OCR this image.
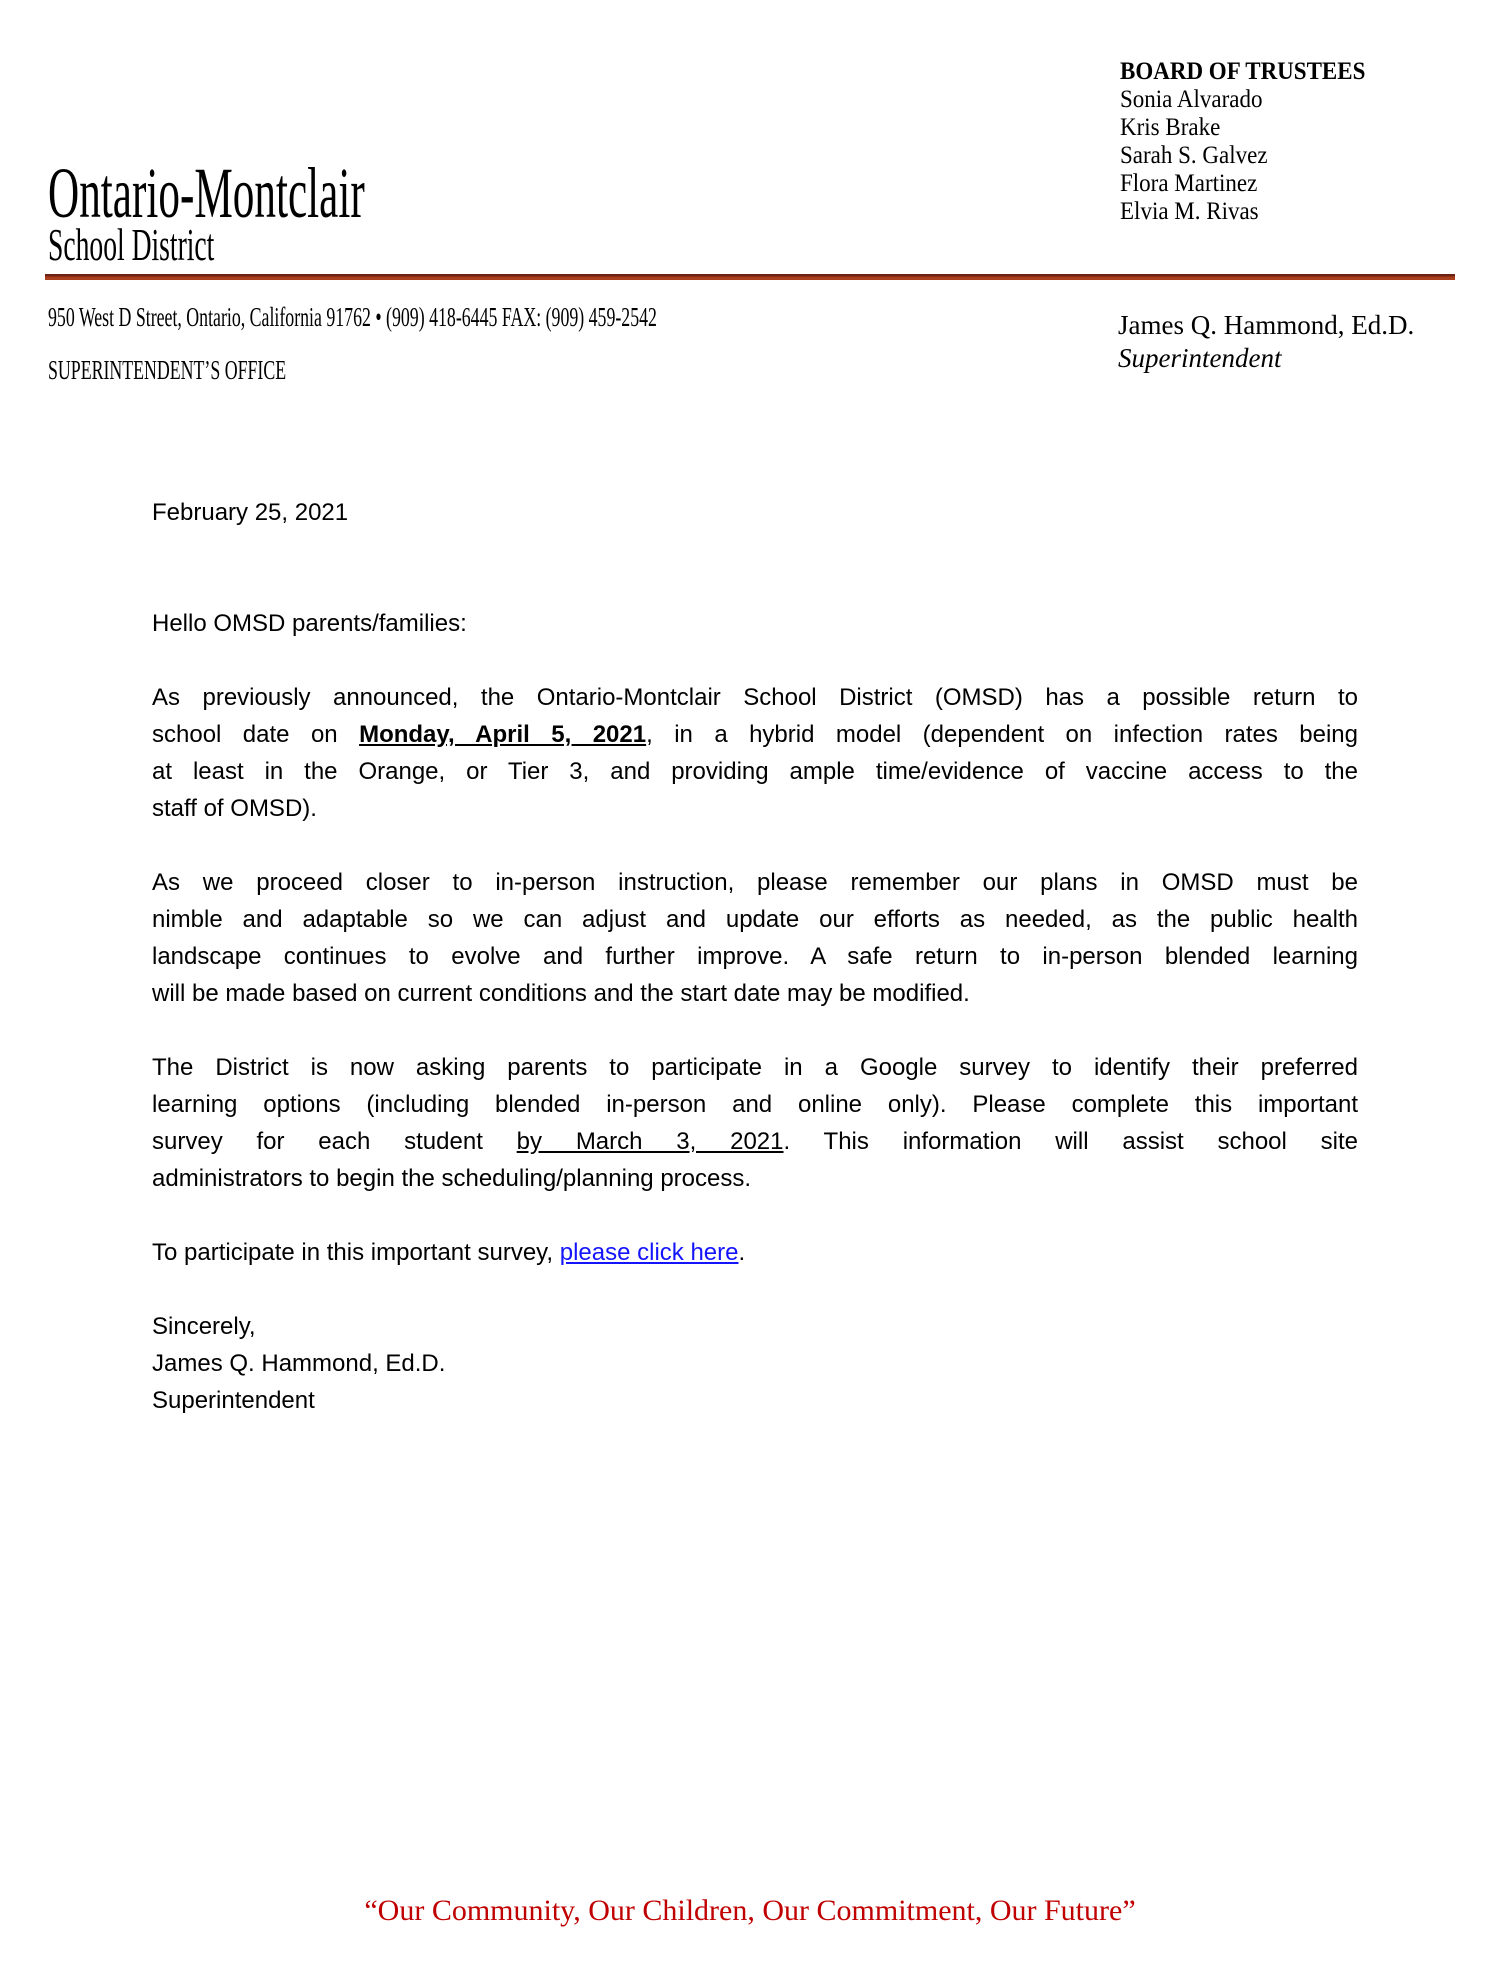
Ontario-Montclair
School District
BOARD OF TRUSTEES
Sonia Alvarado
Kris Brake
Sarah S. Galvez
Flora Martinez
Elvia M. Rivas
950 West D Street, Ontario, California 91762 • (909) 418-6445 FAX: (909) 459-2542
SUPERINTENDENT’S OFFICE
James Q. Hammond, Ed.D.
Superintendent
February 25, 2021
Hello OMSD parents/families:
As previously announced, the Ontario-Montclair School District (OMSD) has a possible return to
school date on Monday, April 5, 2021, in a hybrid model (dependent on infection rates being
at least in the Orange, or Tier 3, and providing ample time/evidence of vaccine access to the
staff of OMSD).
As we proceed closer to in-person instruction, please remember our plans in OMSD must be
nimble and adaptable so we can adjust and update our efforts as needed, as the public health
landscape continues to evolve and further improve. A safe return to in-person blended learning
will be made based on current conditions and the start date may be modified.
The District is now asking parents to participate in a Google survey to identify their preferred
learning options (including blended in-person and online only). Please complete this important
survey for each student by March 3, 2021. This information will assist school site
administrators to begin the scheduling/planning process.
To participate in this important survey, please click here.
Sincerely,
James Q. Hammond, Ed.D.
Superintendent
“Our Community, Our Children, Our Commitment, Our Future”
